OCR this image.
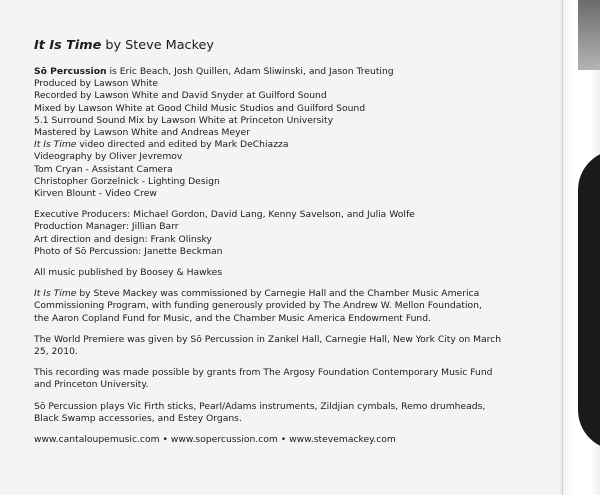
It Is Time by Steve Mackey
Sō Percussion is Eric Beach, Josh Quillen, Adam Sliwinski, and Jason Treuting
Produced by Lawson White
Recorded by Lawson White and David Snyder at Guilford Sound
Mixed by Lawson White at Good Child Music Studios and Guilford Sound
5.1 Surround Sound Mix by Lawson White at Princeton University
Mastered by Lawson White and Andreas Meyer
It Is Time video directed and edited by Mark DeChiazza
Videography by Oliver Jevremov
Tom Cryan - Assistant Camera
Christopher Gorzelnick - Lighting Design
Kirven Blount - Video Crew
Executive Producers: Michael Gordon, David Lang, Kenny Savelson, and Julia Wolfe
Production Manager: Jillian Barr
Art direction and design: Frank Olinsky
Photo of Sō Percussion: Janette Beckman
All music published by Boosey & Hawkes
It Is Time by Steve Mackey was commissioned by Carnegie Hall and the Chamber Music America
Commissioning Program, with funding generously provided by The Andrew W. Mellon Foundation,
the Aaron Copland Fund for Music, and the Chamber Music America Endowment Fund.
The World Premiere was given by Sō Percussion in Zankel Hall, Carnegie Hall, New York City on March
25, 2010.
This recording was made possible by grants from The Argosy Foundation Contemporary Music Fund
and Princeton University.
Sō Percussion plays Vic Firth sticks, Pearl/Adams instruments, Zildjian cymbals, Remo drumheads,
Black Swamp accessories, and Estey Organs.
www.cantaloupemusic.com • www.sopercussion.com • www.stevemackey.com
